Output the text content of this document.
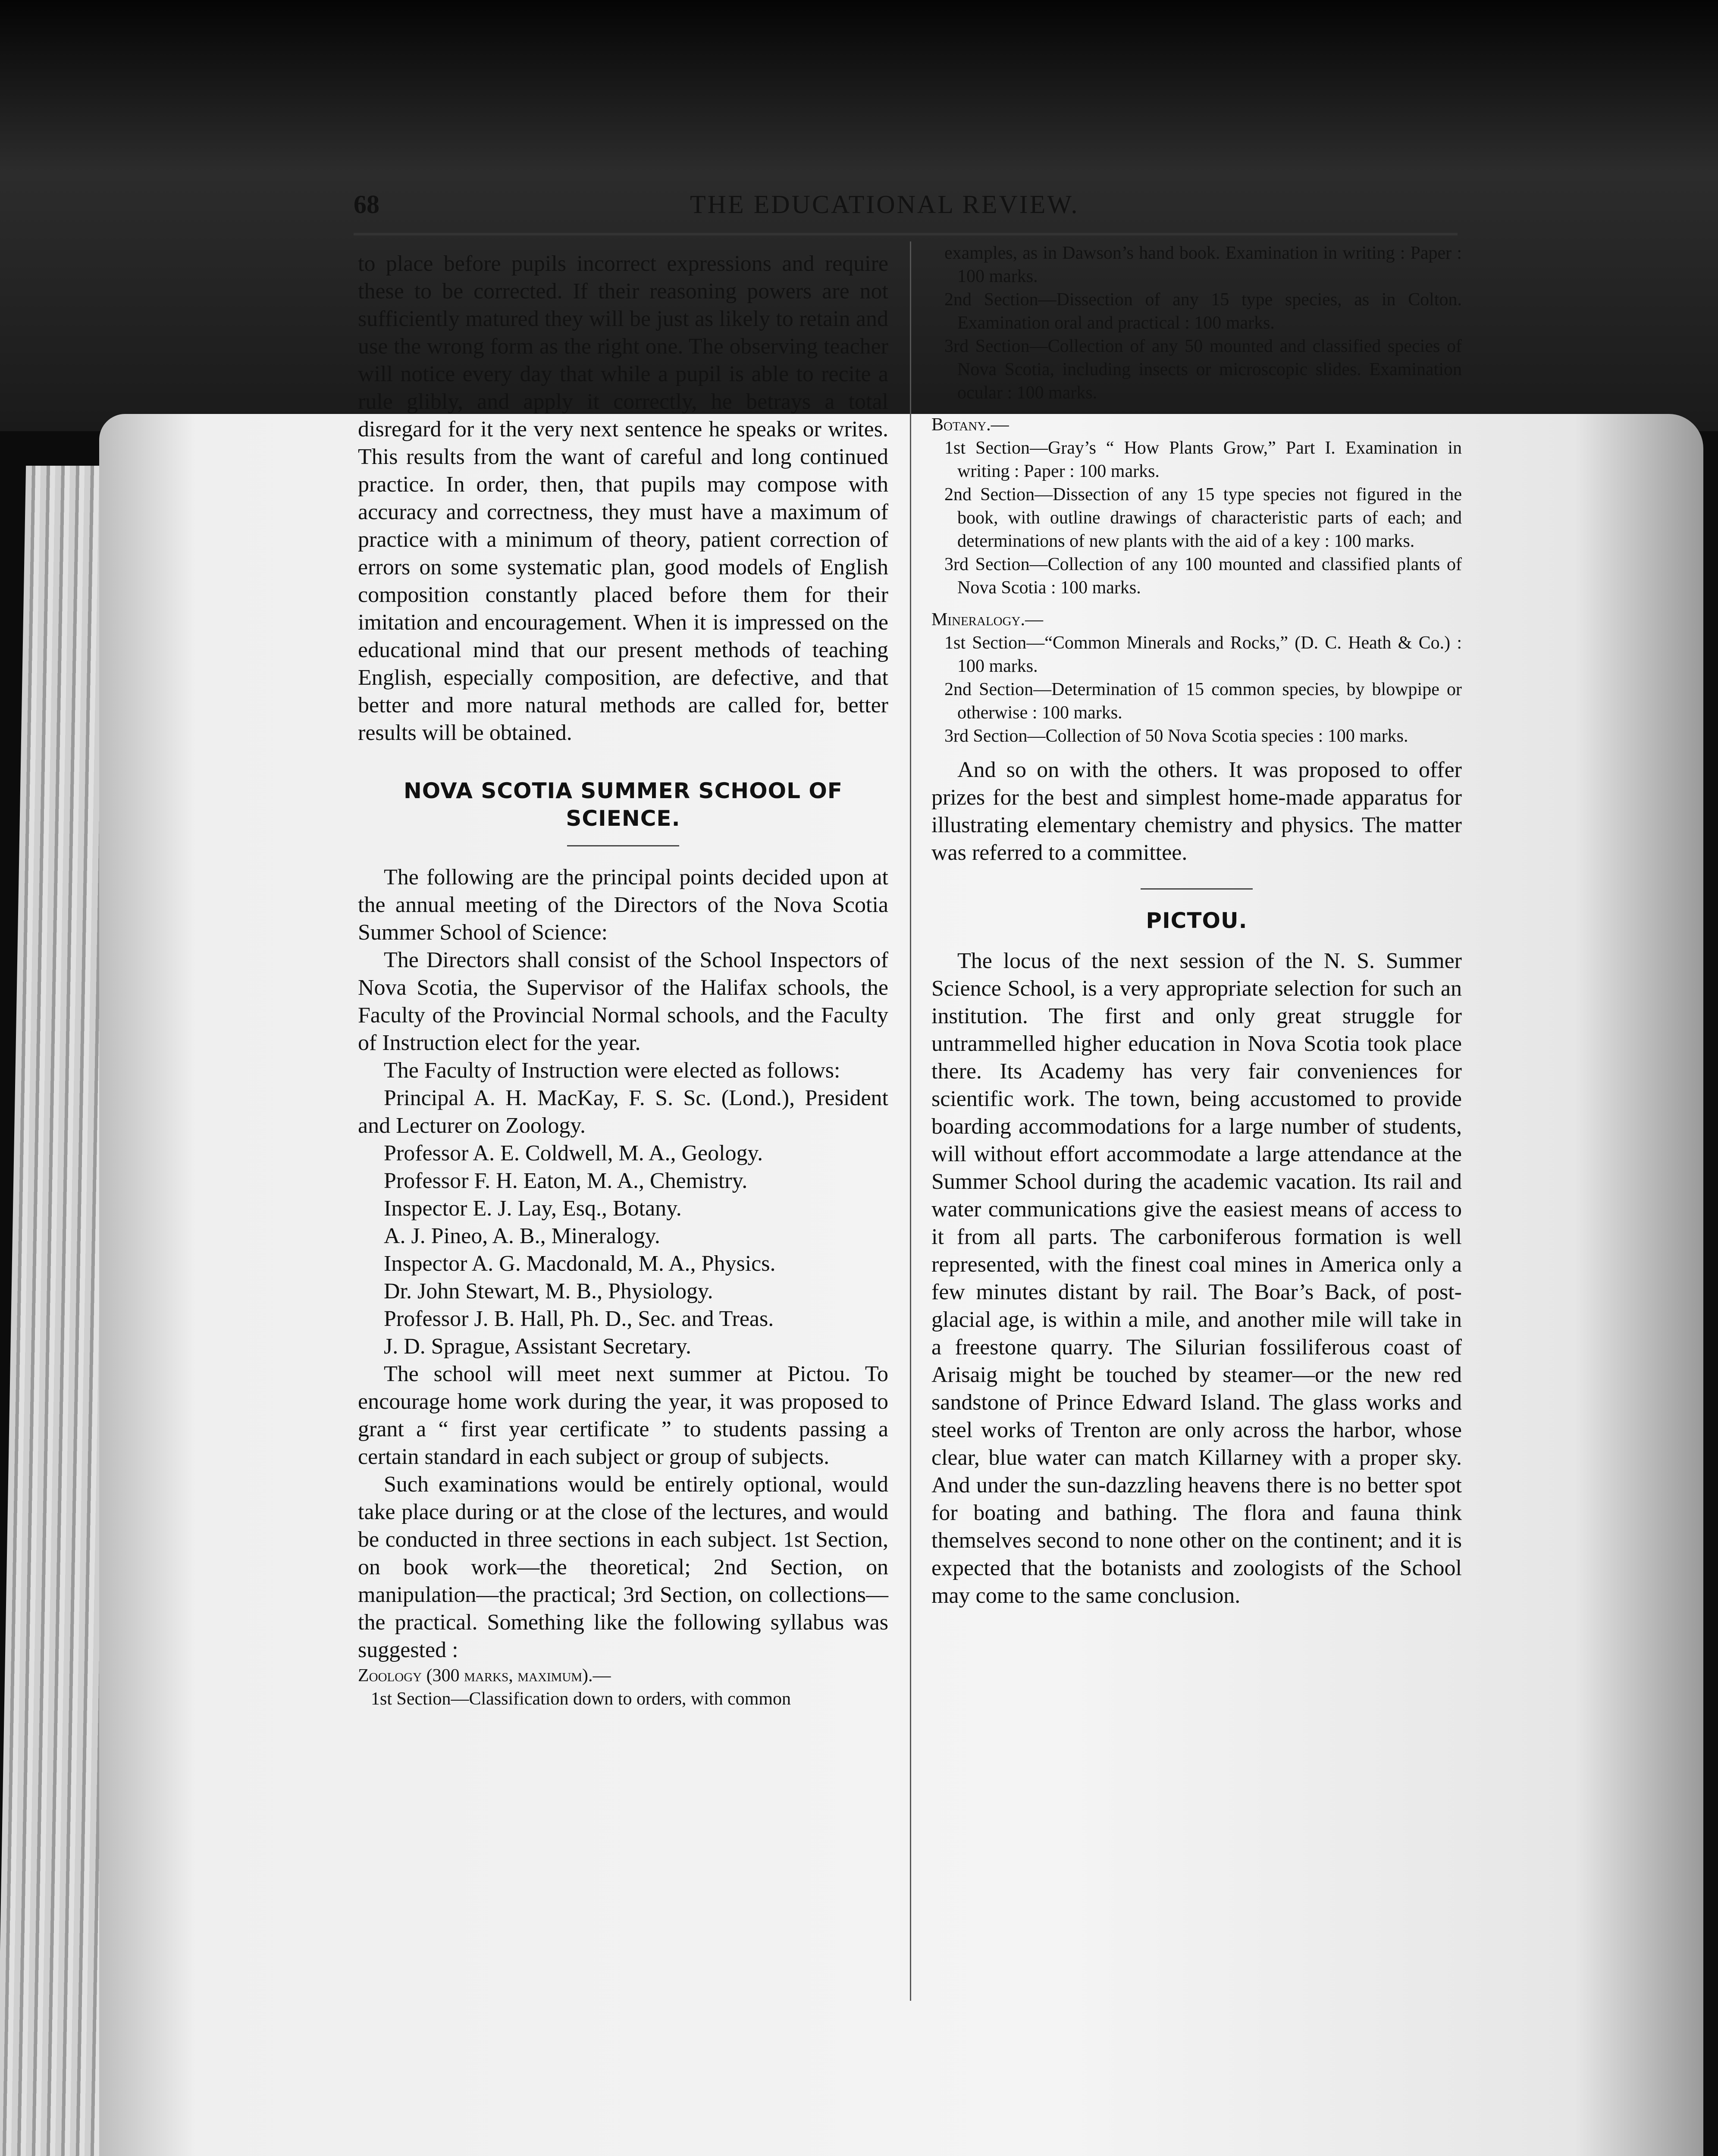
68	THE EDUCATIONAL REVIEW.

to place before pupils incorrect expressions and require these to be corrected. If their reasoning powers are not sufficiently matured they will be just as likely to retain and use the wrong form as the right one. The observing teacher will notice every day that while a pupil is able to recite a rule glibly, and apply it correctly, he betrays a total disregard for it the very next sentence he speaks or writes. This results from the want of careful and long continued practice. In order, then, that pupils may compose with accuracy and correctness, they must have a maximum of practice with a minimum of theory, patient correction of errors on some systematic plan, good models of English composition constantly placed before them for their imitation and encouragement. When it is impressed on the educational mind that our present methods of teaching English, especially composition, are defective, and that better and more natural methods are called for, better results will be obtained.

NOVA SCOTIA SUMMER SCHOOL OF SCIENCE.

The following are the principal points decided upon at the annual meeting of the Directors of the Nova Scotia Summer School of Science:

The Directors shall consist of the School Inspectors of Nova Scotia, the Supervisor of the Halifax schools, the Faculty of the Provincial Normal schools, and the Faculty of Instruction elect for the year.

The Faculty of Instruction were elected as follows:

Principal A. H. MacKay, F. S. Sc. (Lond.), President and Lecturer on Zoology.

Professor A. E. Coldwell, M. A., Geology.

Professor F. H. Eaton, M. A., Chemistry.

Inspector E. J. Lay, Esq., Botany.

A. J. Pineo, A. B., Mineralogy.

Inspector A. G. Macdonald, M. A., Physics.

Dr. John Stewart, M. B., Physiology.

Professor J. B. Hall, Ph. D., Sec. and Treas.

J. D. Sprague, Assistant Secretary.

The school will meet next summer at Pictou. To encourage home work during the year, it was proposed to grant a “ first year certificate ” to students passing a certain standard in each subject or group of subjects.

Such examinations would be entirely optional, would take place during or at the close of the lectures, and would be conducted in three sections in each subject. 1st Section, on book work—the theoretical; 2nd Section, on manipulation—the practical; 3rd Section, on collections—the practical. Something like the following syllabus was suggested :

Zoology (300 marks, maximum).—

1st Section—Classification down to orders, with common

examples, as in Dawson’s hand book. Examination in writing : Paper : 100 marks.

2nd Section—Dissection of any 15 type species, as in Colton. Examination oral and practical : 100 marks.

3rd Section—Collection of any 50 mounted and classified species of Nova Scotia, including insects or microscopic slides. Examination ocular : 100 marks.

Botany.—

1st Section—Gray’s “ How Plants Grow,” Part I. Examination in writing : Paper : 100 marks.

2nd Section—Dissection of any 15 type species not figured in the book, with outline drawings of characteristic parts of each; and determinations of new plants with the aid of a key : 100 marks.

3rd Section—Collection of any 100 mounted and classified plants of Nova Scotia : 100 marks.

Mineralogy.—

1st Section—“Common Minerals and Rocks,” (D. C. Heath & Co.) : 100 marks.

2nd Section—Determination of 15 common species, by blowpipe or otherwise : 100 marks.

3rd Section—Collection of 50 Nova Scotia species : 100 marks.

And so on with the others. It was proposed to offer prizes for the best and simplest home-made apparatus for illustrating elementary chemistry and physics. The matter was referred to a committee.

PICTOU.

The locus of the next session of the N. S. Summer Science School, is a very appropriate selection for such an institution. The first and only great struggle for untrammelled higher education in Nova Scotia took place there. Its Academy has very fair conveniences for scientific work. The town, being accustomed to provide boarding accommodations for a large number of students, will without effort accommodate a large attendance at the Summer School during the academic vacation. Its rail and water communications give the easiest means of access to it from all parts. The carboniferous formation is well represented, with the finest coal mines in America only a few minutes distant by rail. The Boar’s Back, of post-glacial age, is within a mile, and another mile will take in a freestone quarry. The Silurian fossiliferous coast of Arisaig might be touched by steamer—or the new red sandstone of Prince Edward Island. The glass works and steel works of Trenton are only across the harbor, whose clear, blue water can match Killarney with a proper sky. And under the sun-dazzling heavens there is no better spot for boating and bathing. The flora and fauna think themselves second to none other on the continent; and it is expected that the botanists and zoologists of the School may come to the same conclusion.
